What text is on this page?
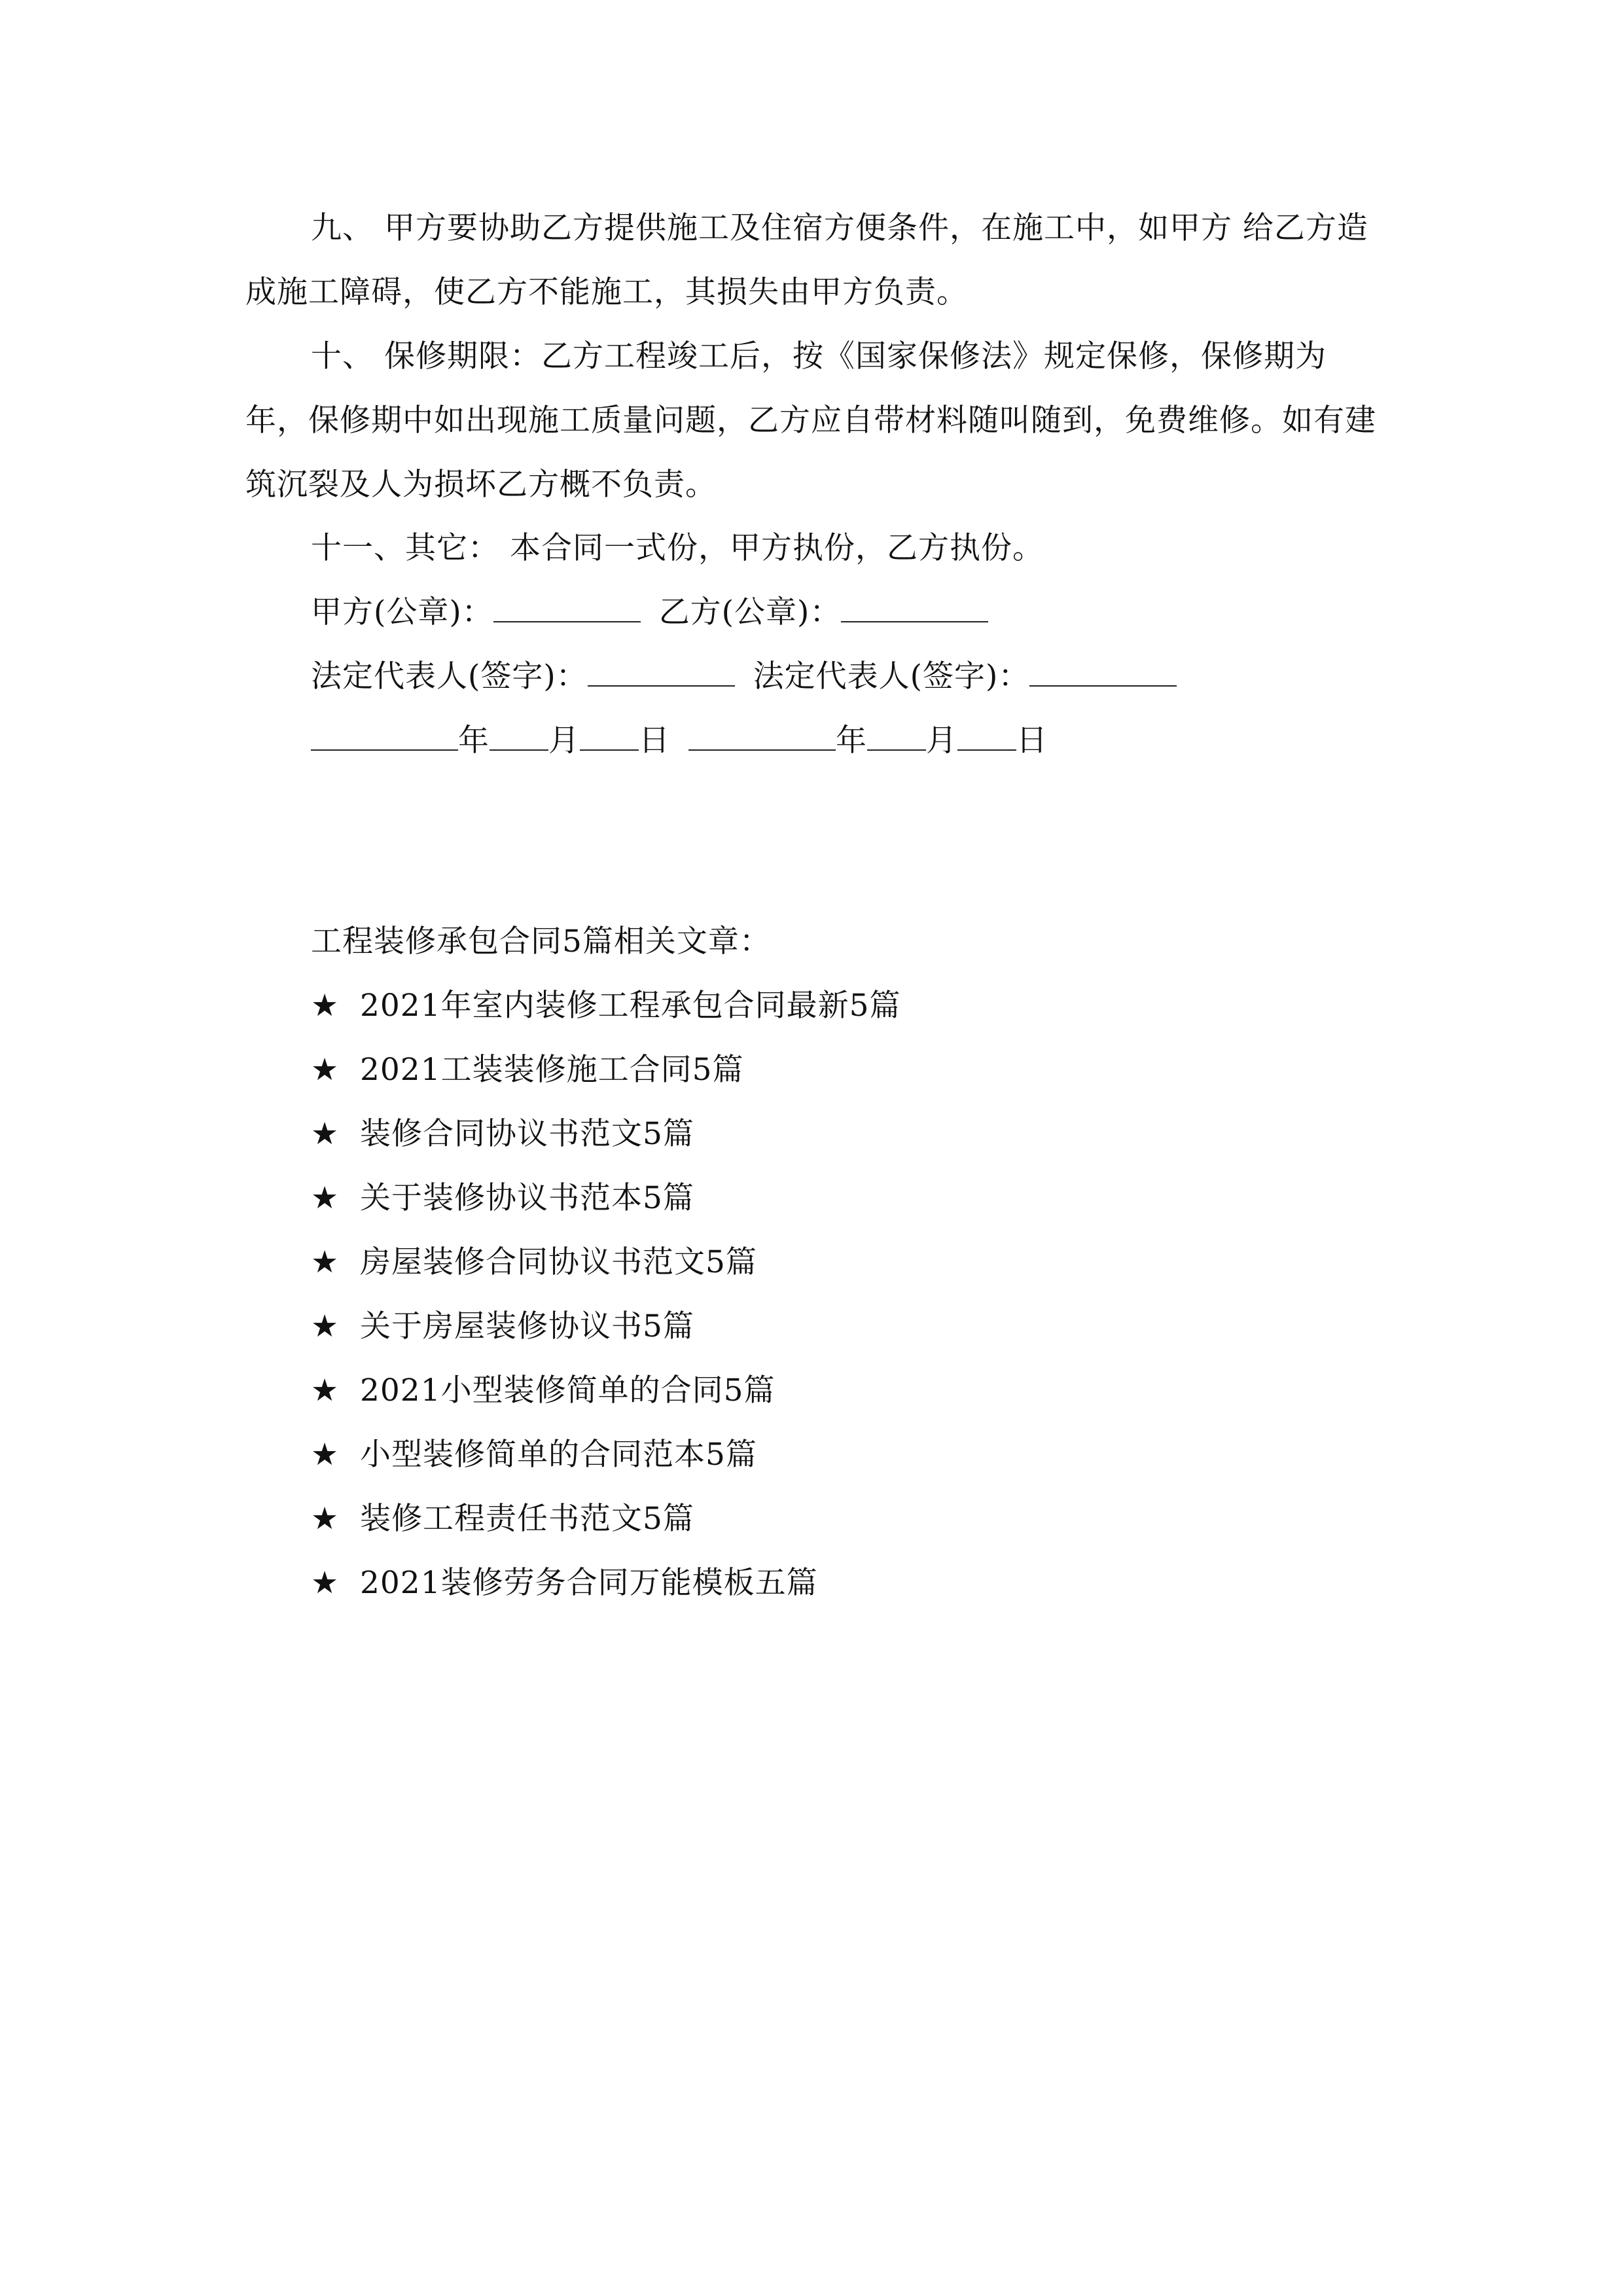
九、 甲方要协助乙方提供施工及住宿方便条件，在施工中，如甲方 给乙方造成施工障碍，使乙方不能施工，其损失由甲方负责。
十、 保修期限：乙方工程竣工后，按《国家保修法》规定保修，保修期为年，保修期中如出现施工质量问题，乙方应自带材料随叫随到，免费维修。如有建筑沉裂及人为损坏乙方概不负责。
十一、其它： 本合同一式份，甲方执份，乙方执份。
甲方(公章)：	乙方(公章)：
法定代表人(签字)：	法定代表人(签字)：
年 月 日	年 月 日
工程装修承包合同5篇相关文章：
★ 2021年室内装修工程承包合同最新5篇
★ 2021工装装修施工合同5篇
★ 装修合同协议书范文5篇
★ 关于装修协议书范本5篇
★ 房屋装修合同协议书范文5篇
★ 关于房屋装修协议书5篇
★ 2021小型装修简单的合同5篇
★ 小型装修简单的合同范本5篇
★ 装修工程责任书范文5篇
★ 2021装修劳务合同万能模板五篇
